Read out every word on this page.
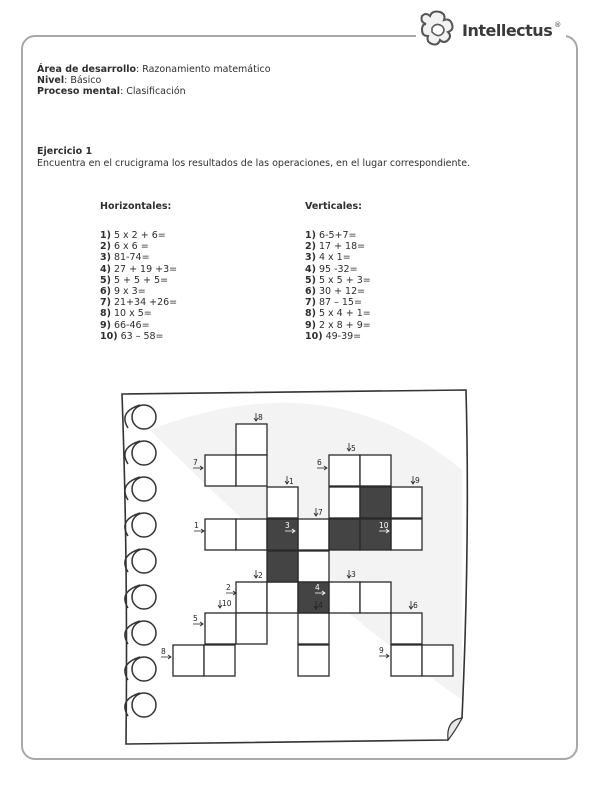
Intellectus ®
Área de desarrollo: Razonamiento matemático
Nivel: Básico
Proceso mental: Clasificación
Ejercicio 1
Encuentra en el crucigrama los resultados de las operaciones, en el lugar correspondiente.
Horizontales:
1) 5 x 2 + 6=
2) 6 x 6 =
3) 81-74=
4) 27 + 19 +3=
5) 5 + 5 + 5=
6) 9 x 3=
7) 21+34 +26=
8) 10 x 5=
9) 66-46=
10) 63 – 58=
Verticales:
1) 6-5+7=
2) 17 + 18=
3) 4 x 1=
4) 95 -32=
5) 5 x 5 + 3=
6) 30 + 12=
7) 87 – 15=
8) 5 x 4 + 1=
9) 2 x 8 + 9=
10) 49-39=
8
7	6
5
1	9
7
1	3	10
2	3
2
10
4
4
5
6
8	9
